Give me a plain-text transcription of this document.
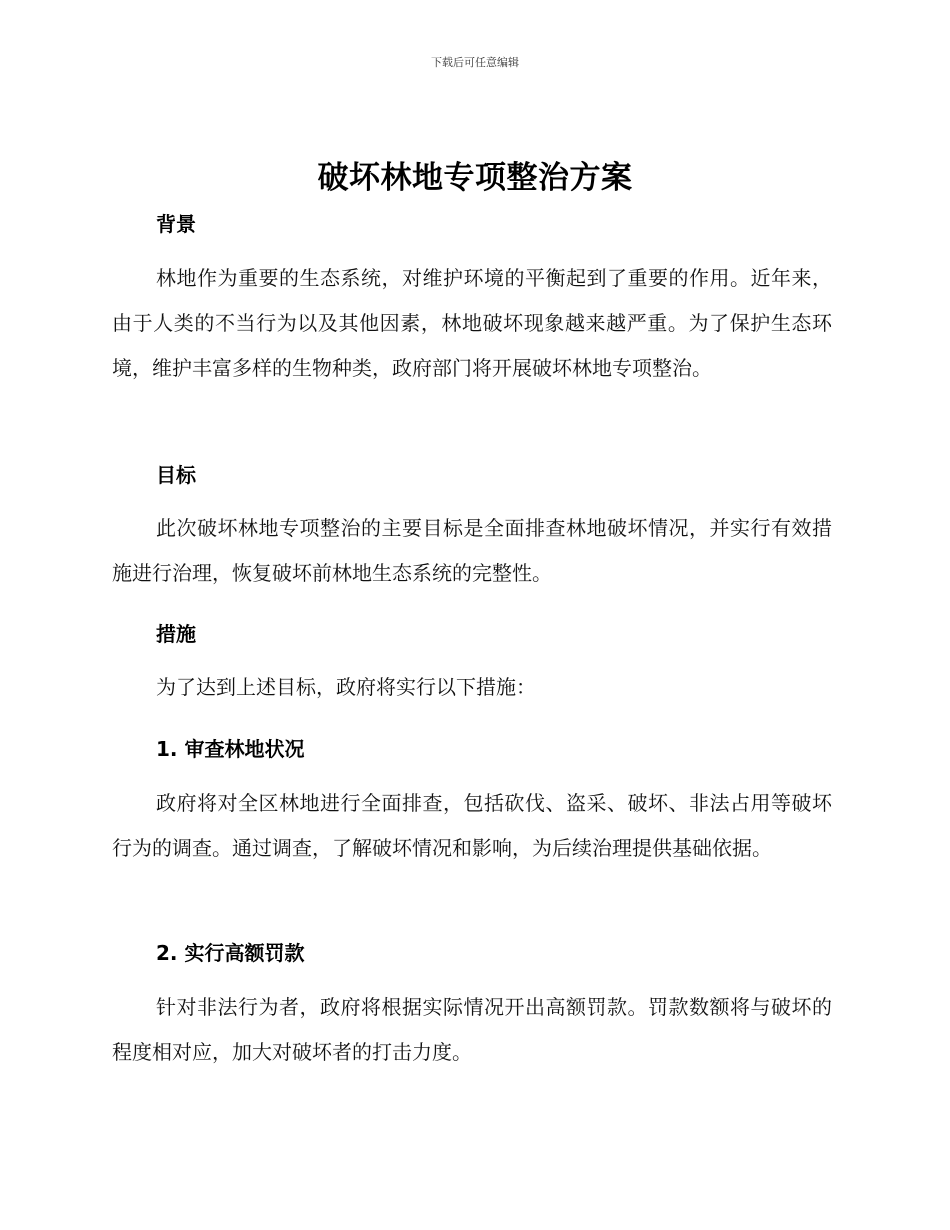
下载后可任意编辑
破坏林地专项整治方案
背景

林地作为重要的生态系统，对维护环境的平衡起到了重要的作用。近年来，由于人类的不当行为以及其他因素，林地破坏现象越来越严重。为了保护生态环境，维护丰富多样的生物种类，政府部门将开展破坏林地专项整治。

目标

此次破坏林地专项整治的主要目标是全面排查林地破坏情况，并实行有效措施进行治理，恢复破坏前林地生态系统的完整性。

措施

为了达到上述目标，政府将实行以下措施：

1. 审查林地状况

政府将对全区林地进行全面排查，包括砍伐、盗采、破坏、非法占用等破坏行为的调查。通过调查，了解破坏情况和影响，为后续治理提供基础依据。

2. 实行高额罚款

针对非法行为者，政府将根据实际情况开出高额罚款。罚款数额将与破坏的程度相对应，加大对破坏者的打击力度。
